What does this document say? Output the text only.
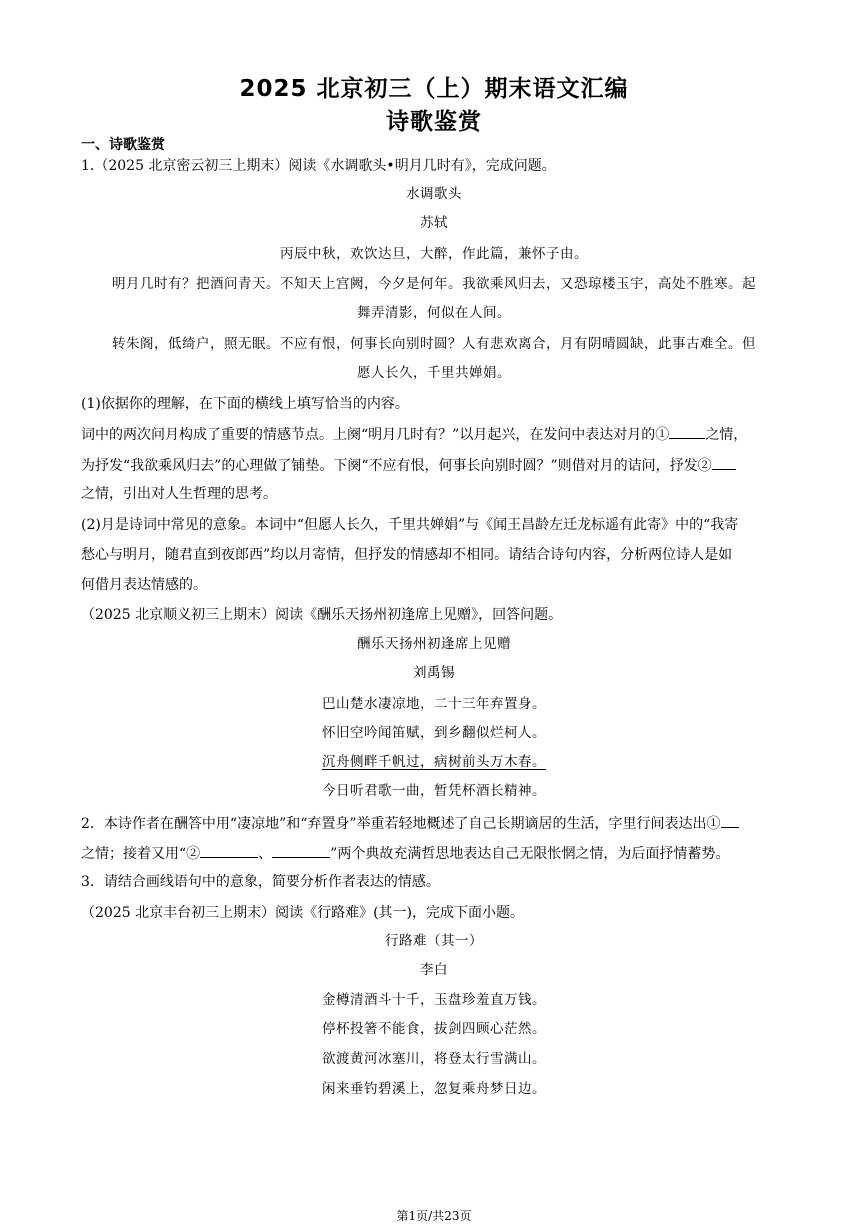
2025 北京初三（上）期末语文汇编
诗歌鉴赏
一、诗歌鉴赏
1.（2025 北京密云初三上期末）阅读《水调歌头•明月几时有》，完成问题。
水调歌头
苏轼
丙辰中秋，欢饮达旦，大醉，作此篇，兼怀子由。
明月几时有？把酒问青天。不知天上宫阙，今夕是何年。我欲乘风归去，又恐琼楼玉宇，高处不胜寒。起
舞弄清影，何似在人间。
转朱阁，低绮户，照无眠。不应有恨，何事长向别时圆？人有悲欢离合，月有阴晴圆缺，此事古难全。但
愿人长久，千里共婵娟。
(1)依据你的理解，在下面的横线上填写恰当的内容。
词中的两次问月构成了重要的情感节点。上阕“明月几时有？”以月起兴，在发问中表达对月的①	之情，
为抒发“我欲乘风归去”的心理做了铺垫。下阕“不应有恨，何事长向别时圆？”则借对月的诘问，抒发②
之情，引出对人生哲理的思考。
(2)月是诗词中常见的意象。本词中“但愿人长久，千里共婵娟”与《闻王昌龄左迁龙标遥有此寄》中的“我寄
愁心与明月，随君直到夜郎西”均以月寄情，但抒发的情感却不相同。请结合诗句内容，分析两位诗人是如
何借月表达情感的。
（2025 北京顺义初三上期末）阅读《酬乐天扬州初逢席上见赠》，回答问题。
酬乐天扬州初逢席上见赠
刘禹锡
巴山楚水凄凉地，二十三年弃置身。
怀旧空吟闻笛赋，到乡翻似烂柯人。
沉舟侧畔千帆过，病树前头万木春。
今日听君歌一曲，暂凭杯酒长精神。
2．本诗作者在酬答中用“凄凉地”和“弃置身”举重若轻地概述了自己长期谪居的生活，字里行间表达出①
之情；接着又用“②	、	”两个典故充满哲思地表达自己无限怅惘之情，为后面抒情蓄势。
3．请结合画线语句中的意象，简要分析作者表达的情感。
（2025 北京丰台初三上期末）阅读《行路难》(其一)，完成下面小题。
行路难（其一）
李白
金樽清酒斗十千，玉盘珍羞直万钱。
停杯投箸不能食，拔剑四顾心茫然。
欲渡黄河冰塞川，将登太行雪满山。
闲来垂钓碧溪上，忽复乘舟梦日边。
第1页/共23页
